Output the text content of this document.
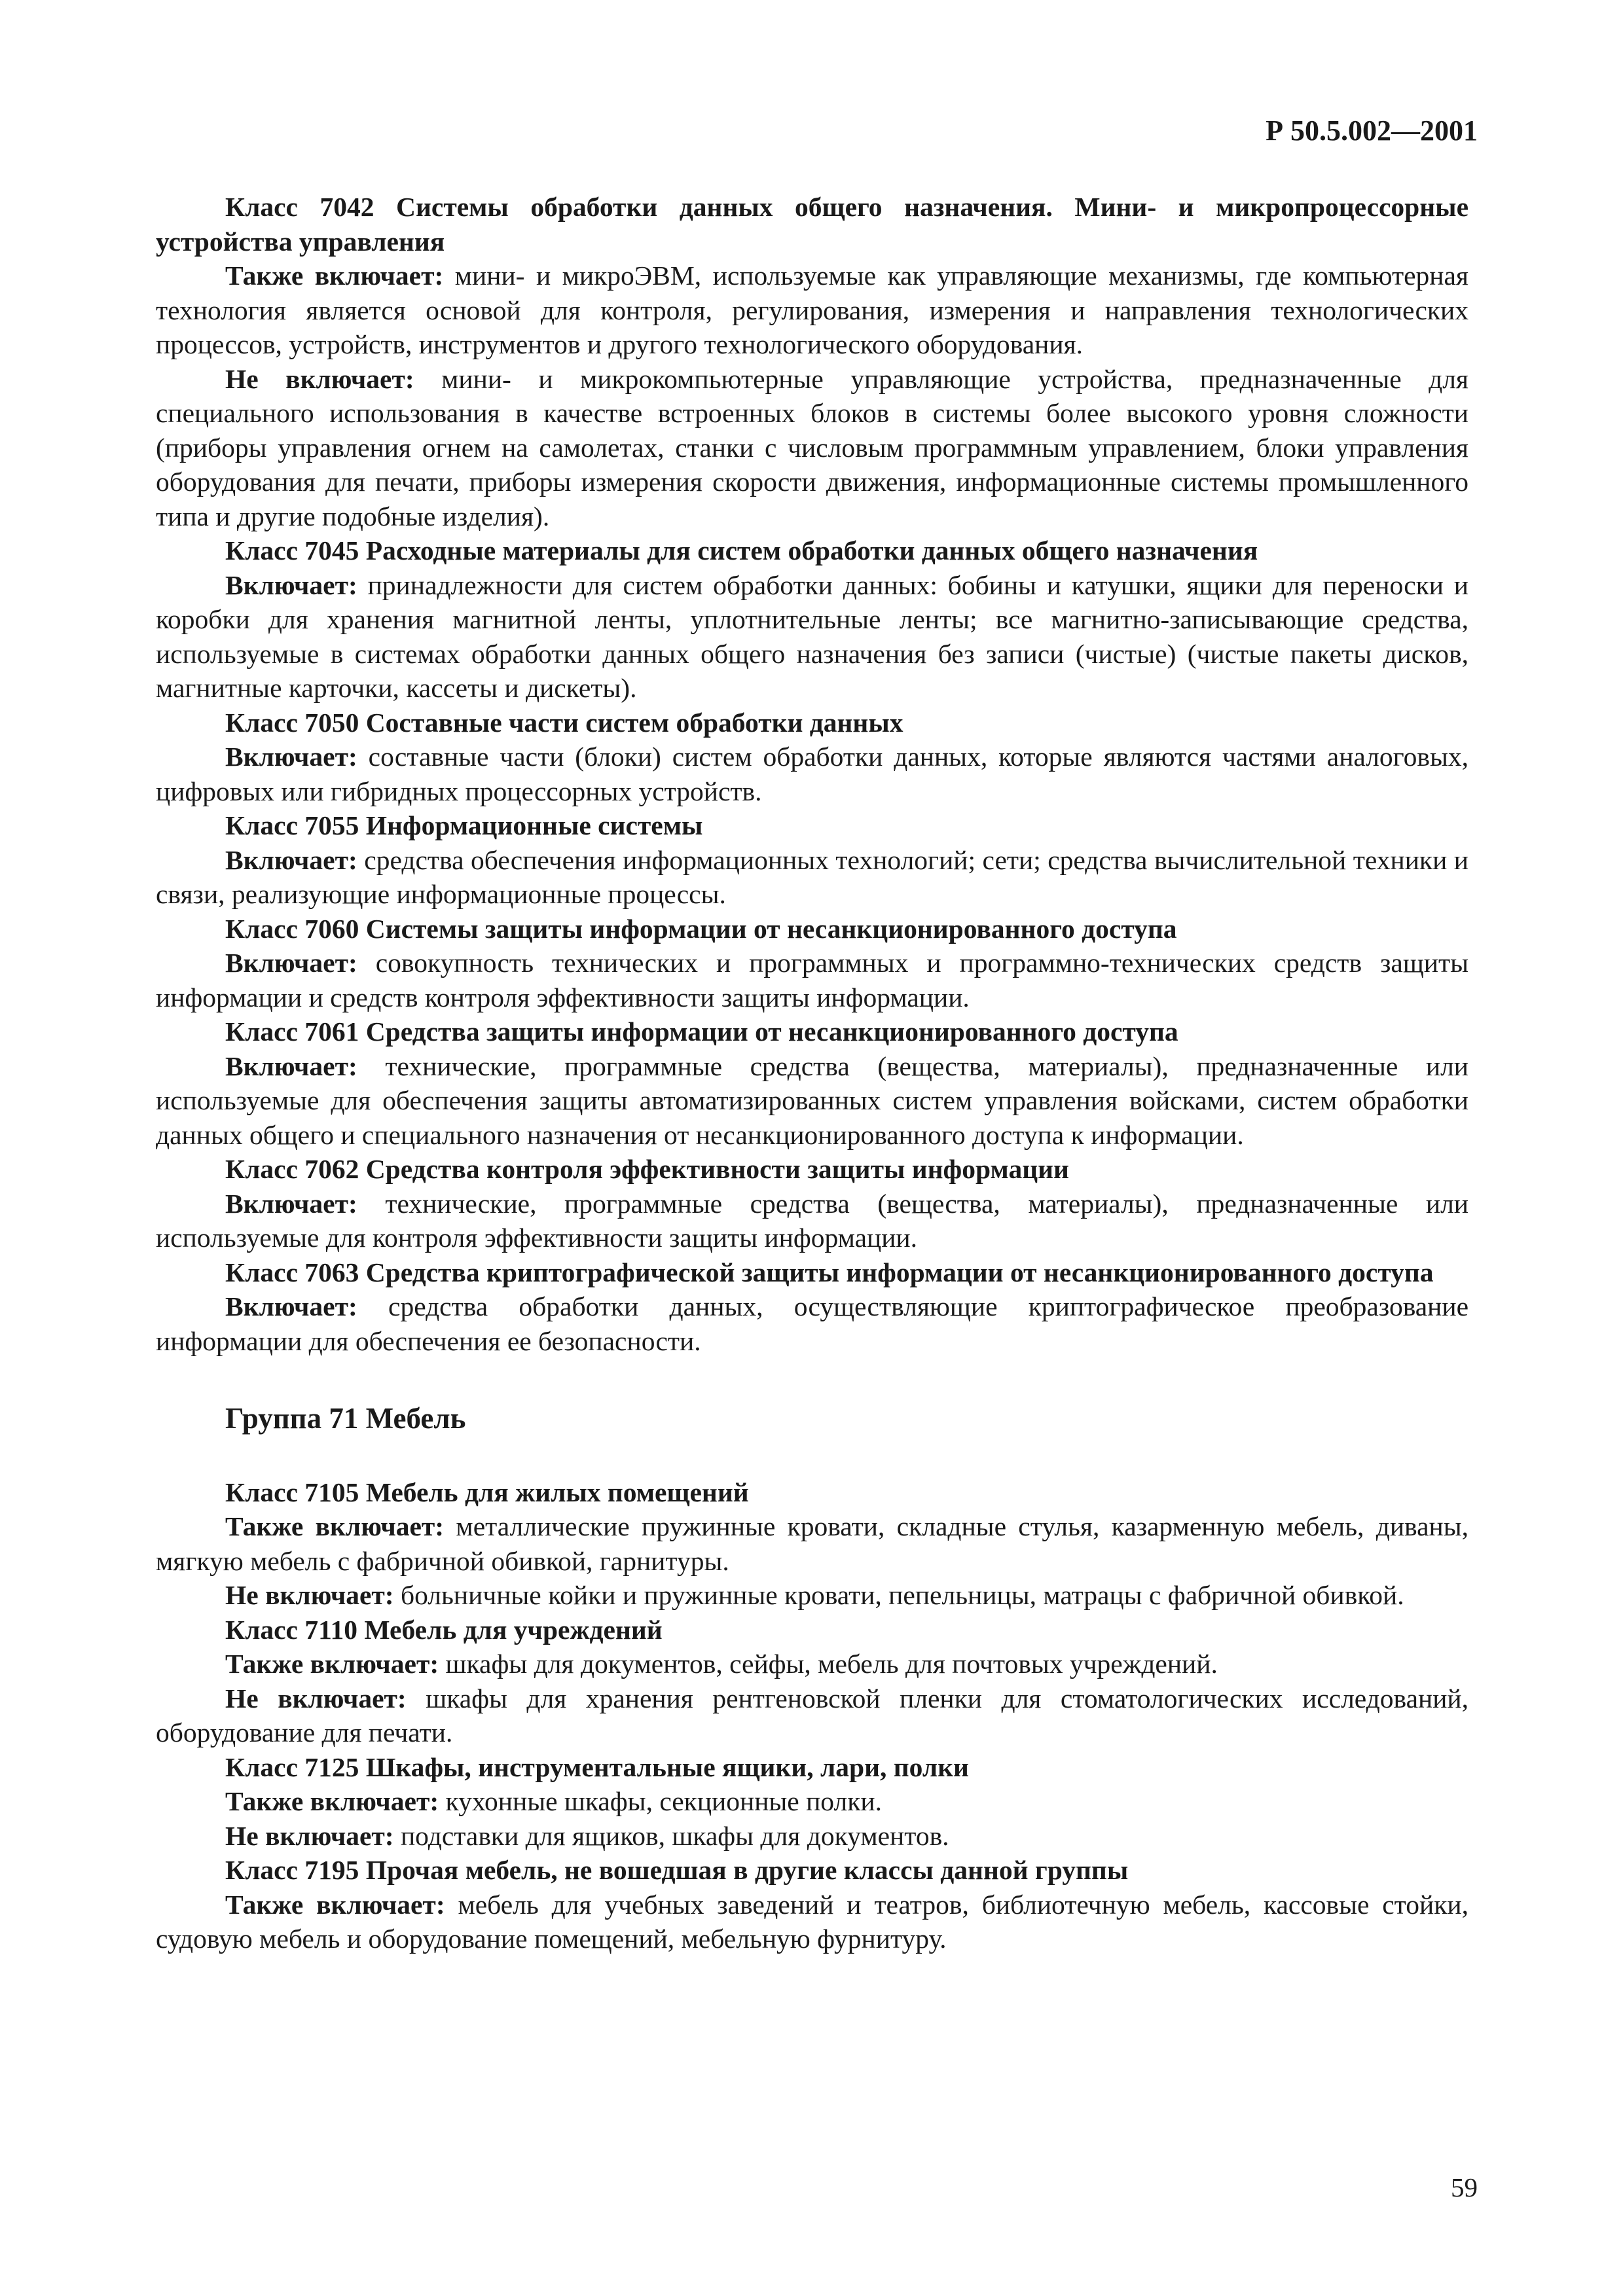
Р 50.5.002—2001

Класс 7042 Системы обработки данных общего назначения. Мини- и микропроцессорные устройства управления

Также включает: мини- и микроЭВМ, используемые как управляющие механизмы, где компьютерная технология является основой для контроля, регулирования, измерения и направления технологических процессов, устройств, инструментов и другого технологического оборудования.

Не включает: мини- и микрокомпьютерные управляющие устройства, предназначенные для специального использования в качестве встроенных блоков в системы более высокого уровня сложности (приборы управления огнем на самолетах, станки с числовым программным управлением, блоки управления оборудования для печати, приборы измерения скорости движения, информационные системы промышленного типа и другие подобные изделия).

Класс 7045 Расходные материалы для систем обработки данных общего назначения

Включает: принадлежности для систем обработки данных: бобины и катушки, ящики для переноски и коробки для хранения магнитной ленты, уплотнительные ленты; все магнитно-записывающие средства, используемые в системах обработки данных общего назначения без записи (чистые) (чистые пакеты дисков, магнитные карточки, кассеты и дискеты).

Класс 7050 Составные части систем обработки данных

Включает: составные части (блоки) систем обработки данных, которые являются частями аналоговых, цифровых или гибридных процессорных устройств.

Класс 7055 Информационные системы

Включает: средства обеспечения информационных технологий; сети; средства вычислительной техники и связи, реализующие информационные процессы.

Класс 7060 Системы защиты информации от несанкционированного доступа

Включает: совокупность технических и программных и программно-технических средств защиты информации и средств контроля эффективности защиты информации.

Класс 7061 Средства защиты информации от несанкционированного доступа

Включает: технические, программные средства (вещества, материалы), предназначенные или используемые для обеспечения защиты автоматизированных систем управления войсками, систем обработки данных общего и специального назначения от несанкционированного доступа к информации.

Класс 7062 Средства контроля эффективности защиты информации

Включает: технические, программные средства (вещества, материалы), предназначенные или используемые для контроля эффективности защиты информации.

Класс 7063 Средства криптографической защиты информации от несанкционированного доступа

Включает: средства обработки данных, осуществляющие криптографическое преобразование информации для обеспечения ее безопасности.

Группа 71 Мебель

Класс 7105 Мебель для жилых помещений

Также включает: металлические пружинные кровати, складные стулья, казарменную мебель, диваны, мягкую мебель с фабричной обивкой, гарнитуры.

Не включает: больничные койки и пружинные кровати, пепельницы, матрацы с фабричной обивкой.

Класс 7110 Мебель для учреждений

Также включает: шкафы для документов, сейфы, мебель для почтовых учреждений.

Не включает: шкафы для хранения рентгеновской пленки для стоматологических исследований, оборудование для печати.

Класс 7125 Шкафы, инструментальные ящики, лари, полки

Также включает: кухонные шкафы, секционные полки.

Не включает: подставки для ящиков, шкафы для документов.

Класс 7195 Прочая мебель, не вошедшая в другие классы данной группы

Также включает: мебель для учебных заведений и театров, библиотечную мебель, кассовые стойки, судовую мебель и оборудование помещений, мебельную фурнитуру.

59
